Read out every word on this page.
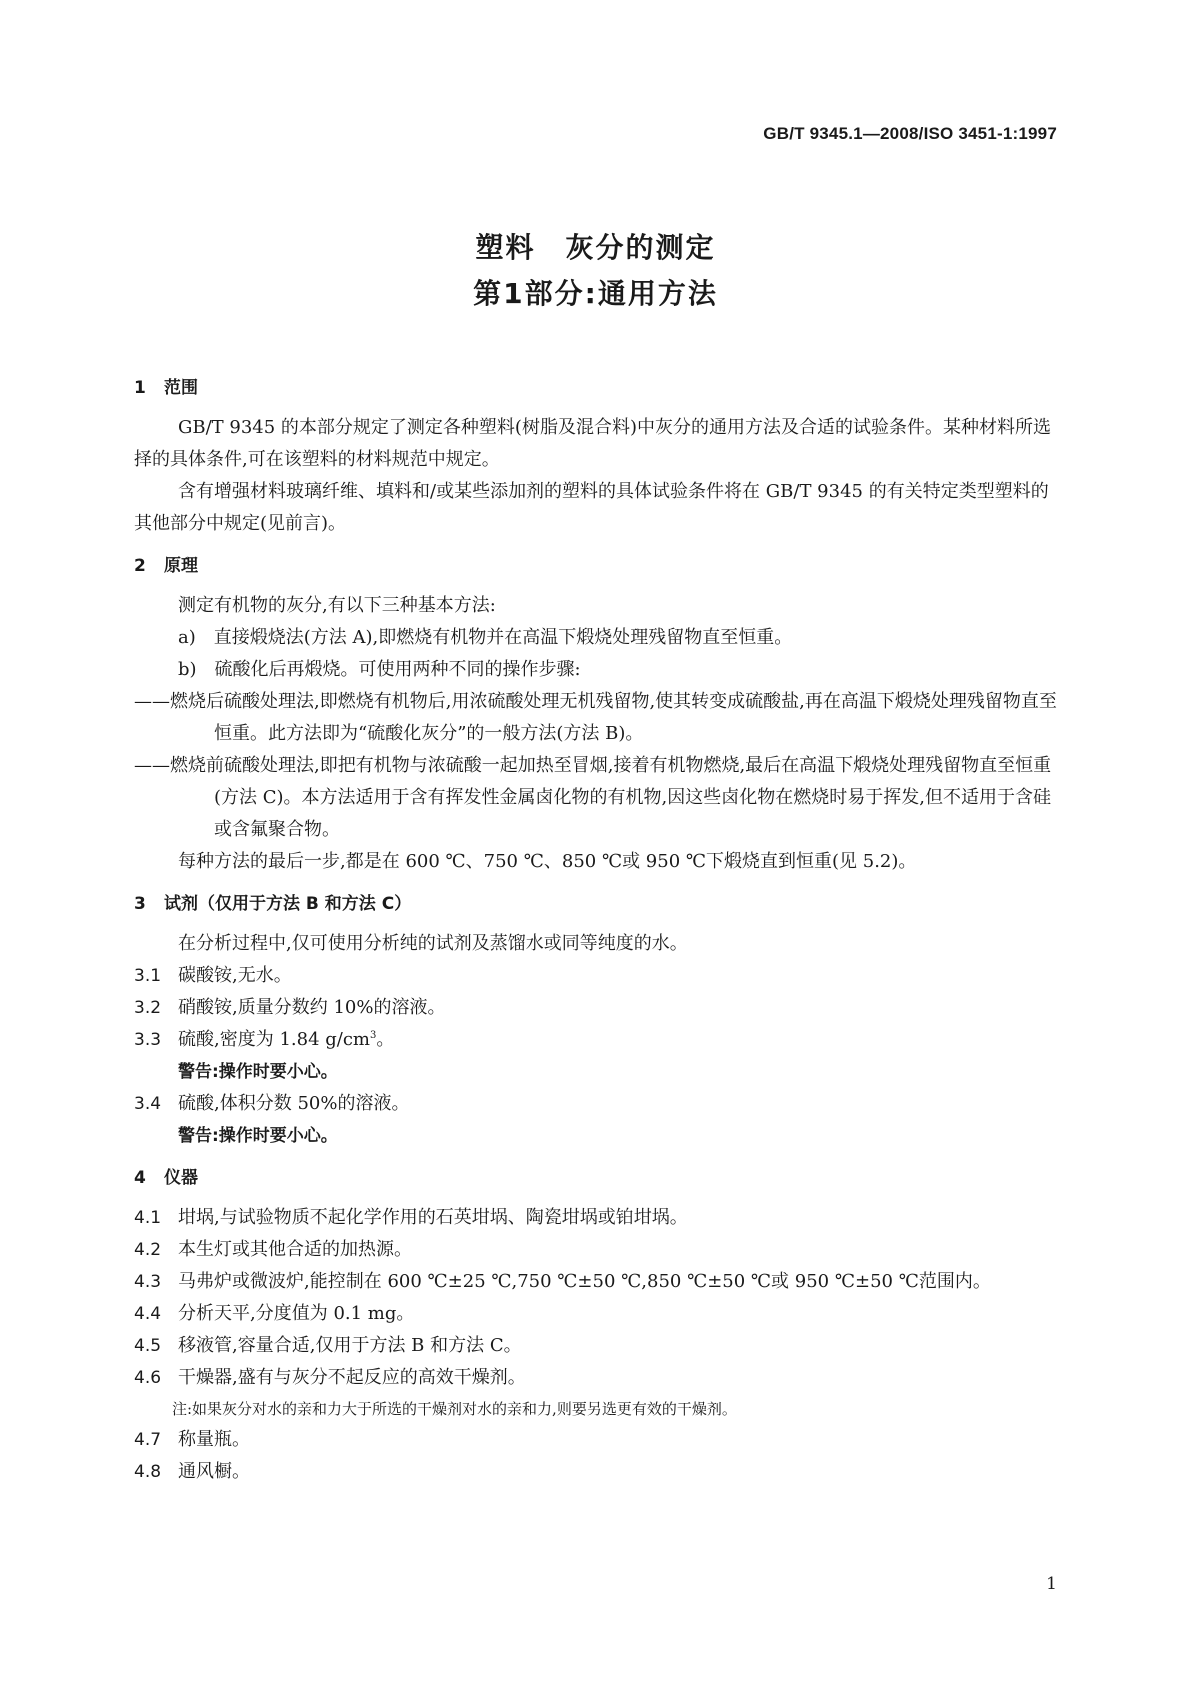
GB/T 9345.1—2008/ISO 3451-1:1997
塑料　灰分的测定
第1部分:通用方法
1 范围

GB/T 9345 的本部分规定了测定各种塑料(树脂及混合料)中灰分的通用方法及合适的试验条件。某种材料所选择的具体条件,可在该塑料的材料规范中规定。

含有增强材料玻璃纤维、填料和/或某些添加剂的塑料的具体试验条件将在 GB/T 9345 的有关特定类型塑料的其他部分中规定(见前言)。

2 原理

测定有机物的灰分,有以下三种基本方法:

a)　直接煅烧法(方法 A),即燃烧有机物并在高温下煅烧处理残留物直至恒重。

b)　硫酸化后再煅烧。可使用两种不同的操作步骤:

——燃烧后硫酸处理法,即燃烧有机物后,用浓硫酸处理无机残留物,使其转变成硫酸盐,再在高温下煅烧处理残留物直至恒重。此方法即为“硫酸化灰分”的一般方法(方法 B)。

——燃烧前硫酸处理法,即把有机物与浓硫酸一起加热至冒烟,接着有机物燃烧,最后在高温下煅烧处理残留物直至恒重(方法 C)。本方法适用于含有挥发性金属卤化物的有机物,因这些卤化物在燃烧时易于挥发,但不适用于含硅或含氟聚合物。

每种方法的最后一步,都是在 600 ℃、750 ℃、850 ℃或 950 ℃下煅烧直到恒重(见 5.2)。

3 试剂（仅用于方法 B 和方法 C）

在分析过程中,仅可使用分析纯的试剂及蒸馏水或同等纯度的水。

3.1 碳酸铵,无水。
3.2 硝酸铵,质量分数约 10%的溶液。
3.3 硫酸,密度为 1.84 $g/cm^3$。
警告:操作时要小心。
3.4 硫酸,体积分数 50%的溶液。
警告:操作时要小心。
4 仪器
4.1 坩埚,与试验物质不起化学作用的石英坩埚、陶瓷坩埚或铂坩埚。
4.2 本生灯或其他合适的加热源。
4.3 马弗炉或微波炉,能控制在 600 ℃±25 ℃,750 ℃±50 ℃,850 ℃±50 ℃或 950 ℃±50 ℃范围内。
4.4 分析天平,分度值为 0.1 mg。
4.5 移液管,容量合适,仅用于方法 B 和方法 C。
4.6 干燥器,盛有与灰分不起反应的高效干燥剂。
注:如果灰分对水的亲和力大于所选的干燥剂对水的亲和力,则要另选更有效的干燥剂。
4.7 称量瓶。
4.8 通风橱。
1
